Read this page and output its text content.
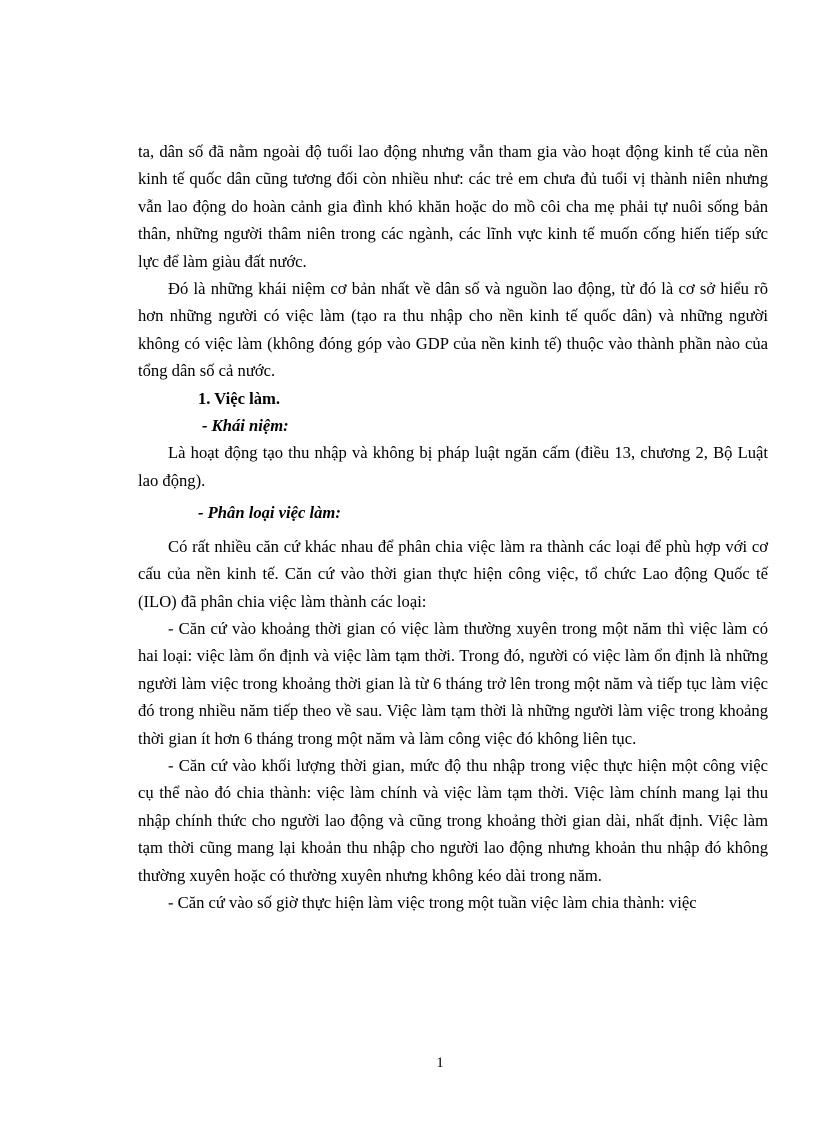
ta, dân số đã nằm ngoài độ tuổi lao động nhưng vẫn tham gia vào hoạt động kinh tế của nền kinh tế quốc dân cũng tương đối còn nhiều như: các trẻ em chưa đủ tuổi vị thành niên nhưng vẫn lao động do hoàn cảnh gia đình khó khăn hoặc do mồ côi cha mẹ phải tự nuôi sống bản thân, những người thâm niên trong các ngành, các lĩnh vực kinh tế muốn cống hiến tiếp sức lực để làm giàu đất nước.

Đó là những khái niệm cơ bản nhất về dân số và nguồn lao động, từ đó là cơ sở hiểu rõ hơn những người có việc làm (tạo ra thu nhập cho nền kinh tế quốc dân) và những người không có việc làm (không đóng góp vào GDP của nền kinh tế) thuộc vào thành phần nào của tổng dân số cả nước.

1. Việc làm.

- Khái niệm:

Là hoạt động tạo thu nhập và không bị pháp luật ngăn cấm (điều 13, chương 2, Bộ Luật lao động).

- Phân loại việc làm:

Có rất nhiều căn cứ khác nhau để phân chia việc làm ra thành các loại để phù hợp với cơ cấu của nền kinh tế. Căn cứ vào thời gian thực hiện công việc, tổ chức Lao động Quốc tế (ILO) đã phân chia việc làm thành các loại:

- Căn cứ vào khoảng thời gian có việc làm thường xuyên trong một năm thì việc làm có hai loại: việc làm ổn định và việc làm tạm thời. Trong đó, người có việc làm ổn định là những người làm việc trong khoảng thời gian là từ 6 tháng trở lên trong một năm và tiếp tục làm việc đó trong nhiều năm tiếp theo về sau. Việc làm tạm thời là những người làm việc trong khoảng thời gian ít hơn 6 tháng trong một năm và làm công việc đó không liên tục.

- Căn cứ vào khối lượng thời gian, mức độ thu nhập trong việc thực hiện một công việc cụ thể nào đó chia thành: việc làm chính và việc làm tạm thời. Việc làm chính mang lại thu nhập chính thức cho người lao động và cũng trong khoảng thời gian dài, nhất định. Việc làm tạm thời cũng mang lại khoản thu nhập cho người lao động nhưng khoản thu nhập đó không thường xuyên hoặc có thường xuyên nhưng không kéo dài trong năm.

- Căn cứ vào số giờ thực hiện làm việc trong một tuần việc làm chia thành: việc

1
